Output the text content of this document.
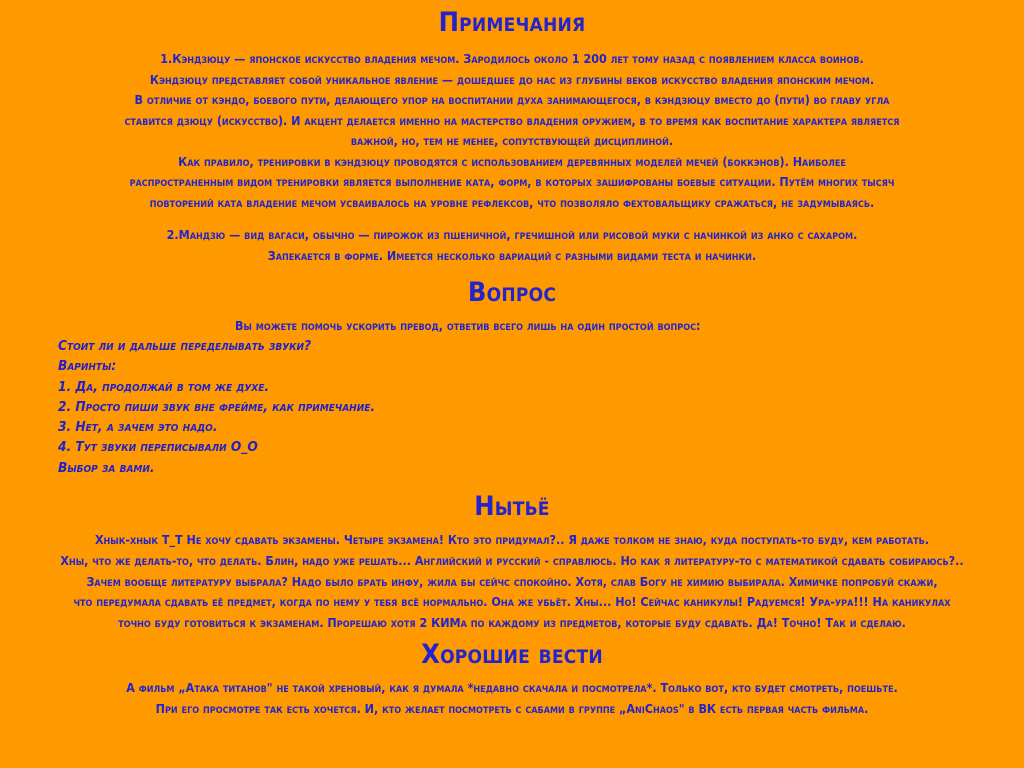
Примечания

1.Кэндзюцу — японское искусство владения мечом. Зародилось около 1 200 лет тому назад с появлением класса воинов.

Кэндзюцу представляет собой уникальное явление — дошедшее до нас из глубины веков искусство владения японским мечом.

В отличие от кэндо, боевого пути, делающего упор на воспитании духа занимающегося, в кэндзюцу вместо до (пути) во главу угла

ставится дзюцу (искусство). И акцент делается именно на мастерство владения оружием, в то время как воспитание характера является

важной, но, тем не менее, сопутствующей дисциплиной.

Как правило, тренировки в кэндзюцу проводятся с использованием деревянных моделей мечей (боккэнов). Наиболее

распространенным видом тренировки является выполнение ката, форм, в которых зашифрованы боевые ситуации. Путём многих тысяч

повторений ката владение мечом усваивалось на уровне рефлексов, что позволяло фехтовальщику сражаться, не задумываясь.

2.Мандзю — вид вагаси, обычно — пирожок из пшеничной, гречишной или рисовой муки с начинкой из анко с сахаром.

Запекается в форме. Имеется несколько вариаций с разными видами теста и начинки.

Вопрос

Вы можете помочь ускорить превод, ответив всего лишь на один простой вопрос:

Стоит ли и дальше переделывать звуки?
Варинты:
1. Да, продолжай в том же духе.
2. Просто пиши звук вне фрейме, как примечание.
3. Нет, а зачем это надо.
4. Тут звуки переписывали О_О
Выбор за вами.
Нытьё

Хнык-хнык Т_Т Не хочу сдавать экзамены. Четыре экзамена! Кто это придумал?.. Я даже толком не знаю, куда поступать-то буду, кем работать.

Хны, что же делать-то, что делать. Блин, надо уже решать... Английский и русский - справлюсь. Но как я литературу-то с математикой сдавать собираюсь?..

Зачем вообще литературу выбрала? Надо было брать инфу, жила бы сейчс спокойно. Хотя, слав Богу не химию выбирала. Химичке попробуй скажи,

что передумала сдавать её предмет, когда по нему у тебя всё нормально. Она же убьёт. Хны... Но! Сейчас каникулы! Радуемся! Ура-ура!!! На каникулах

точно буду готовиться к экзаменам. Прорешаю хотя 2 КИМа по каждому из предметов, которые буду сдавать. Да! Точно! Так и сделаю.

Хорошие вести

А фильм „Атака титанов" не такой хреновый, как я думала *недавно скачала и посмотрела*. Только вот, кто будет смотреть, поешьте.

При его просмотре так есть хочется. И, кто желает посмотреть с сабами в группе „AniChaos" в ВК есть первая часть фильма.
